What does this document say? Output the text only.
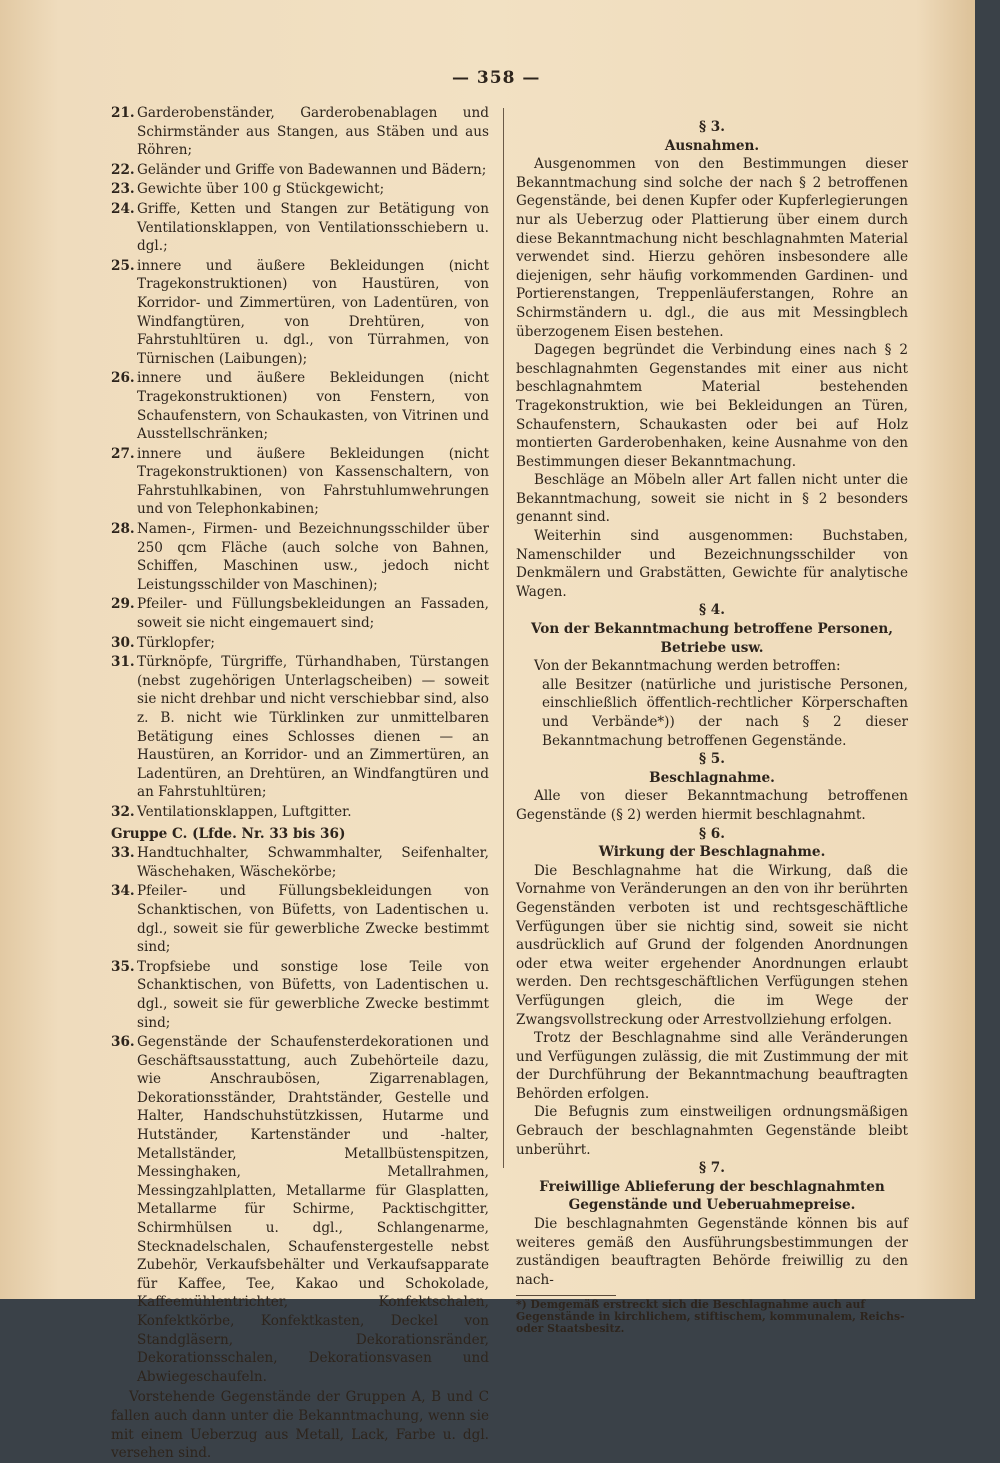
— 358 —
21. Garderobenständer, Garderobenablagen und Schirmständer aus Stangen, aus Stäben und aus Röhren;
22. Geländer und Griffe von Badewannen und Bädern;
23. Gewichte über 100 g Stückgewicht;
24. Griffe, Ketten und Stangen zur Betätigung von Ventilationsklappen, von Ventilationsschiebern u. dgl.;
25. innere und äußere Bekleidungen (nicht Tragekonstruktionen) von Haustüren, von Korridor- und Zimmertüren, von Ladentüren, von Windfangtüren, von Drehtüren, von Fahrstuhltüren u. dgl., von Türrahmen, von Türnischen (Laibungen);
26. innere und äußere Bekleidungen (nicht Tragekonstruktionen) von Fenstern, von Schaufenstern, von Schaukasten, von Vitrinen und Ausstellschränken;
27. innere und äußere Bekleidungen (nicht Tragekonstruktionen) von Kassenschaltern, von Fahrstuhlkabinen, von Fahrstuhlumwehrungen und von Telephonkabinen;
28. Namen-, Firmen- und Bezeichnungsschilder über 250 qcm Fläche (auch solche von Bahnen, Schiffen, Maschinen usw., jedoch nicht Leistungsschilder von Maschinen);
29. Pfeiler- und Füllungsbekleidungen an Fassaden, soweit sie nicht eingemauert sind;
30. Türklopfer;
31. Türknöpfe, Türgriffe, Türhandhaben, Türstangen (nebst zugehörigen Unterlagscheiben) — soweit sie nicht drehbar und nicht verschiebbar sind, also z. B. nicht wie Türklinken zur unmittelbaren Betätigung eines Schlosses dienen — an Haustüren, an Korridor- und an Zimmertüren, an Ladentüren, an Drehtüren, an Windfangtüren und an Fahrstuhltüren;
32. Ventilationsklappen, Luftgitter.
Gruppe C. (Lfde. Nr. 33 bis 36)
33. Handtuchhalter, Schwammhalter, Seifenhalter, Wäschehaken, Wäschekörbe;
34. Pfeiler- und Füllungsbekleidungen von Schanktischen, von Büfetts, von Ladentischen u. dgl., soweit sie für gewerbliche Zwecke bestimmt sind;
35. Tropfsiebe und sonstige lose Teile von Schanktischen, von Büfetts, von Ladentischen u. dgl., soweit sie für gewerbliche Zwecke bestimmt sind;
36. Gegenstände der Schaufensterdekorationen und Geschäftsausstattung, auch Zubehörteile dazu, wie Anschraubösen, Zigarrenablagen, Dekorationsständer, Drahtständer, Gestelle und Halter, Handschuhstützkissen, Hutarme und Hutständer, Kartenständer und -halter, Metallständer, Metallbüstenspitzen, Messinghaken, Metallrahmen, Messingzahlplatten, Metallarme für Glasplatten, Metallarme für Schirme, Packtischgitter, Schirmhülsen u. dgl., Schlangenarme, Stecknadelschalen, Schaufenstergestelle nebst Zubehör, Verkaufsbehälter und Verkaufsapparate für Kaffee, Tee, Kakao und Schokolade, Kaffeemühlentrichter, Konfektschalen, Konfektkörbe, Konfektkasten, Deckel von Standgläsern, Dekorationsränder, Dekorationsschalen, Dekorationsvasen und Abwiegeschaufeln.
Vorstehende Gegenstände der Gruppen A, B und C fallen auch dann unter die Bekanntmachung, wenn sie mit einem Ueberzug aus Metall, Lack, Farbe u. dgl. versehen sind.
§ 3.
Ausnahmen.
Ausgenommen von den Bestimmungen dieser Bekanntmachung sind solche der nach § 2 betroffenen Gegenstände, bei denen Kupfer oder Kupferlegierungen nur als Ueberzug oder Plattierung über einem durch diese Bekanntmachung nicht beschlagnahmten Material verwendet sind. Hierzu gehören insbesondere alle diejenigen, sehr häufig vorkommenden Gardinen- und Portierenstangen, Treppenläuferstangen, Rohre an Schirmständern u. dgl., die aus mit Messingblech überzogenem Eisen bestehen.
Dagegen begründet die Verbindung eines nach § 2 beschlagnahmten Gegenstandes mit einer aus nicht beschlagnahmtem Material bestehenden Tragekonstruktion, wie bei Bekleidungen an Türen, Schaufenstern, Schaukasten oder bei auf Holz montierten Garderobenhaken, keine Ausnahme von den Bestimmungen dieser Bekanntmachung.
Beschläge an Möbeln aller Art fallen nicht unter die Bekanntmachung, soweit sie nicht in § 2 besonders genannt sind.
Weiterhin sind ausgenommen: Buchstaben, Namenschilder und Bezeichnungsschilder von Denkmälern und Grabstätten, Gewichte für analytische Wagen.
§ 4.
Von der Bekanntmachung betroffene Personen, Betriebe usw.
Von der Bekanntmachung werden betroffen:
alle Besitzer (natürliche und juristische Personen, einschließlich öffentlich-rechtlicher Körperschaften und Verbände*)) der nach § 2 dieser Bekanntmachung betroffenen Gegenstände.
§ 5.
Beschlagnahme.
Alle von dieser Bekanntmachung betroffenen Gegenstände (§ 2) werden hiermit beschlagnahmt.
§ 6.
Wirkung der Beschlagnahme.
Die Beschlagnahme hat die Wirkung, daß die Vornahme von Veränderungen an den von ihr berührten Gegenständen verboten ist und rechtsgeschäftliche Verfügungen über sie nichtig sind, soweit sie nicht ausdrücklich auf Grund der folgenden Anordnungen oder etwa weiter ergehender Anordnungen erlaubt werden. Den rechtsgeschäftlichen Verfügungen stehen Verfügungen gleich, die im Wege der Zwangsvollstreckung oder Arrestvollziehung erfolgen.
Trotz der Beschlagnahme sind alle Veränderungen und Verfügungen zulässig, die mit Zustimmung der mit der Durchführung der Bekanntmachung beauftragten Behörden erfolgen.
Die Befugnis zum einstweiligen ordnungsmäßigen Gebrauch der beschlagnahmten Gegenstände bleibt unberührt.
§ 7.
Freiwillige Ablieferung der beschlagnahmten Gegenstände und Ueberuahmepreise.
Die beschlagnahmten Gegenstände können bis auf weiteres gemäß den Ausführungsbestimmungen der zuständigen beauftragten Behörde freiwillig zu den nach-
*) Demgemäß erstreckt sich die Beschlagnahme auch auf Gegenstände in kirchlichem, stiftischem, kommunalem, Reichs- oder Staatsbesitz.
